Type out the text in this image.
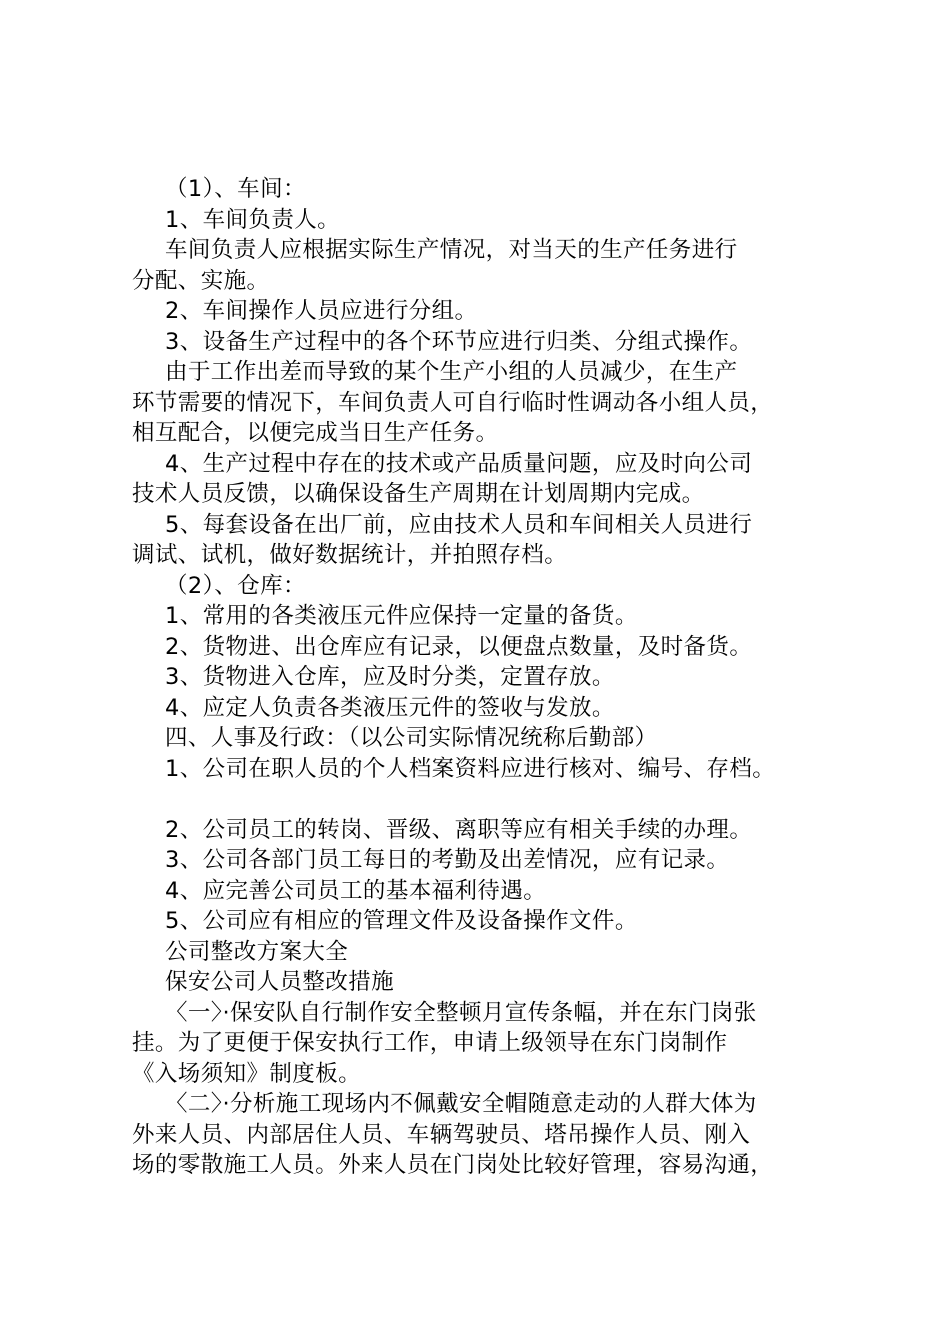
（1）、车间：
1、车间负责人。
车间负责人应根据实际生产情况，对当天的生产任务进行
分配、实施。
2、车间操作人员应进行分组。
3、设备生产过程中的各个环节应进行归类、分组式操作。
由于工作出差而导致的某个生产小组的人员减少，在生产
环节需要的情况下，车间负责人可自行临时性调动各小组人员，
相互配合，以便完成当日生产任务。
4、生产过程中存在的技术或产品质量问题，应及时向公司
技术人员反馈，以确保设备生产周期在计划周期内完成。
5、每套设备在出厂前，应由技术人员和车间相关人员进行
调试、试机，做好数据统计，并拍照存档。
（2）、仓库：
1、常用的各类液压元件应保持一定量的备货。
2、货物进、出仓库应有记录，以便盘点数量，及时备货。
3、货物进入仓库，应及时分类，定置存放。
4、应定人负责各类液压元件的签收与发放。
四、人事及行政：（以公司实际情况统称后勤部）
1、公司在职人员的个人档案资料应进行核对、编号、存档。
2、公司员工的转岗、晋级、离职等应有相关手续的办理。
3、公司各部门员工每日的考勤及出差情况，应有记录。
4、应完善公司员工的基本福利待遇。
5、公司应有相应的管理文件及设备操作文件。
公司整改方案大全
保安公司人员整改措施
〈一〉·保安队自行制作安全整顿月宣传条幅，并在东门岗张
挂。为了更便于保安执行工作，申请上级领导在东门岗制作
《入场须知》制度板。
〈二〉·分析施工现场内不佩戴安全帽随意走动的人群大体为
外来人员、内部居住人员、车辆驾驶员、塔吊操作人员、刚入
场的零散施工人员。外来人员在门岗处比较好管理，容易沟通，
